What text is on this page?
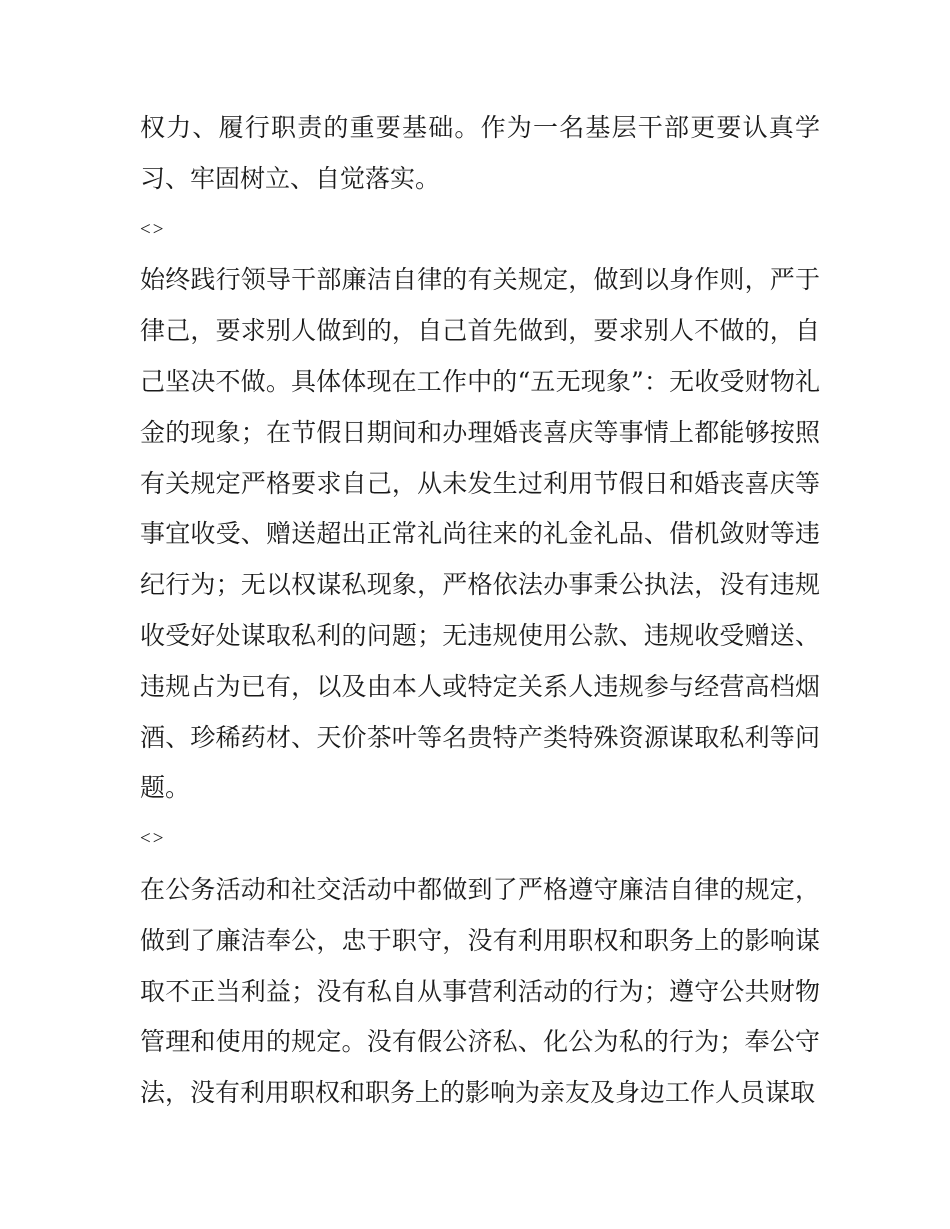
权力、履行职责的重要基础。作为一名基层干部更要认真学习、牢固树立、自觉落实。

<>

始终践行领导干部廉洁自律的有关规定，做到以身作则，严于律己，要求别人做到的，自己首先做到，要求别人不做的，自己坚决不做。具体体现在工作中的“五无现象”：无收受财物礼金的现象；在节假日期间和办理婚丧喜庆等事情上都能够按照有关规定严格要求自己，从未发生过利用节假日和婚丧喜庆等事宜收受、赠送超出正常礼尚往来的礼金礼品、借机敛财等违纪行为；无以权谋私现象，严格依法办事秉公执法，没有违规收受好处谋取私利的问题；无违规使用公款、违规收受赠送、违规占为已有，以及由本人或特定关系人违规参与经营高档烟酒、珍稀药材、天价茶叶等名贵特产类特殊资源谋取私利等问题。

<>

在公务活动和社交活动中都做到了严格遵守廉洁自律的规定，做到了廉洁奉公，忠于职守，没有利用职权和职务上的影响谋取不正当利益；没有私自从事营利活动的行为；遵守公共财物管理和使用的规定。没有假公济私、化公为私的行为；奉公守法，没有利用职权和职务上的影响为亲友及身边工作人员谋取
